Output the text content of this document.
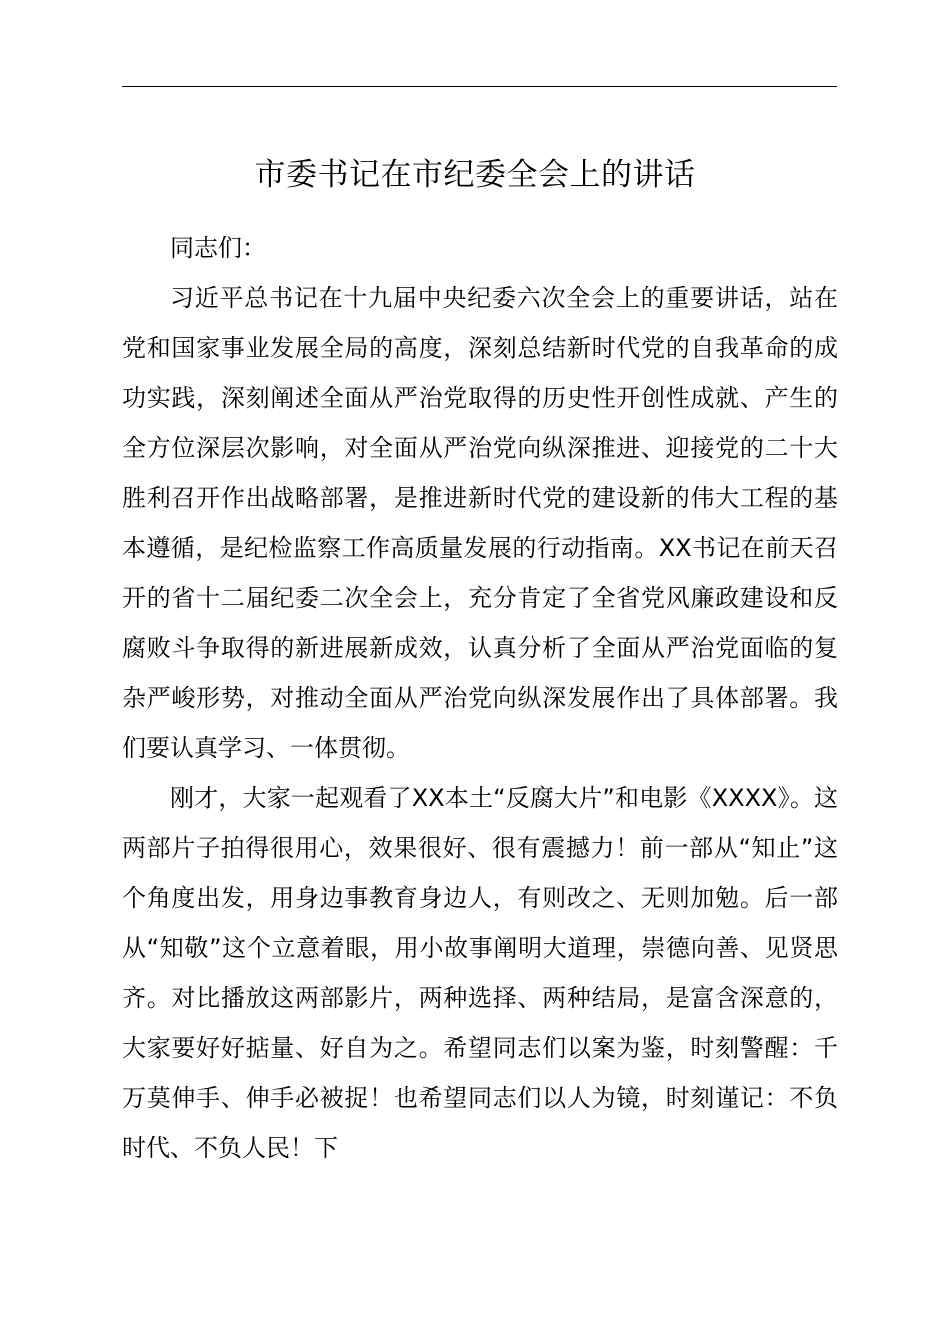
市委书记在市纪委全会上的讲话

同志们：

习近平总书记在十九届中央纪委六次全会上的重要讲话，站在党和国家事业发展全局的高度，深刻总结新时代党的自我革命的成功实践，深刻阐述全面从严治党取得的历史性开创性成就、产生的全方位深层次影响，对全面从严治党向纵深推进、迎接党的二十大胜利召开作出战略部署，是推进新时代党的建设新的伟大工程的基本遵循，是纪检监察工作高质量发展的行动指南。XX书记在前天召开的省十二届纪委二次全会上，充分肯定了全省党风廉政建设和反腐败斗争取得的新进展新成效，认真分析了全面从严治党面临的复杂严峻形势，对推动全面从严治党向纵深发展作出了具体部署。我们要认真学习、一体贯彻。

刚才，大家一起观看了XX本土“反腐大片”和电影《XXXX》。这两部片子拍得很用心，效果很好、很有震撼力！前一部从“知止”这个角度出发，用身边事教育身边人，有则改之、无则加勉。后一部从“知敬”这个立意着眼，用小故事阐明大道理，崇德向善、见贤思齐。对比播放这两部影片，两种选择、两种结局，是富含深意的，大家要好好掂量、好自为之。希望同志们以案为鉴，时刻警醒：千万莫伸手、伸手必被捉！也希望同志们以人为镜，时刻谨记：不负时代、不负人民！下
